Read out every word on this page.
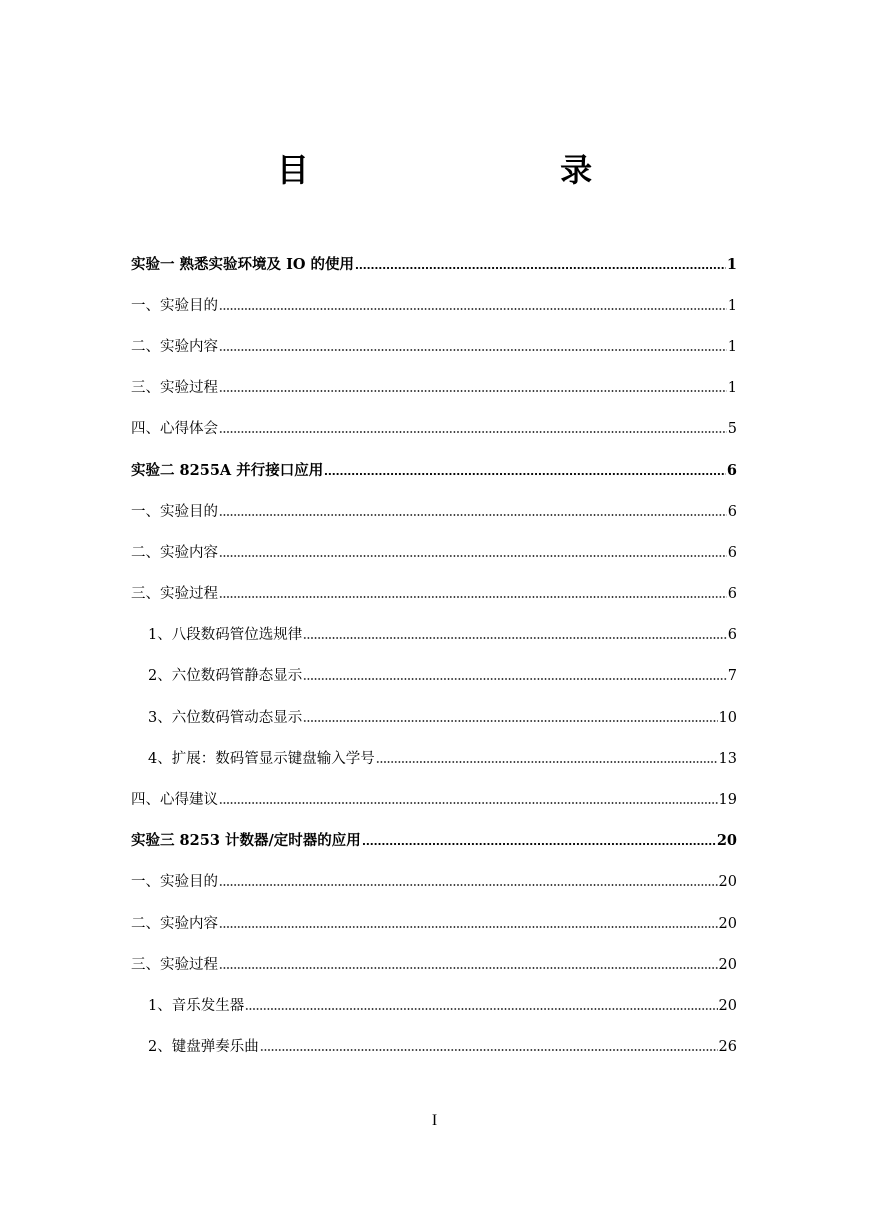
目 录
实验一 熟悉实验环境及 IO 的使用	1
一、实验目的	1
二、实验内容	1
三、实验过程	1
四、心得体会	5
实验二 8255A 并行接口应用	6
一、实验目的	6
二、实验内容	6
三、实验过程	6
1、八段数码管位选规律	6
2、六位数码管静态显示	7
3、六位数码管动态显示	10
4、扩展：数码管显示键盘输入学号	13
四、心得建议	19
实验三 8253 计数器/定时器的应用	20
一、实验目的	20
二、实验内容	20
三、实验过程	20
1、音乐发生器	20
2、键盘弹奏乐曲	26
I
